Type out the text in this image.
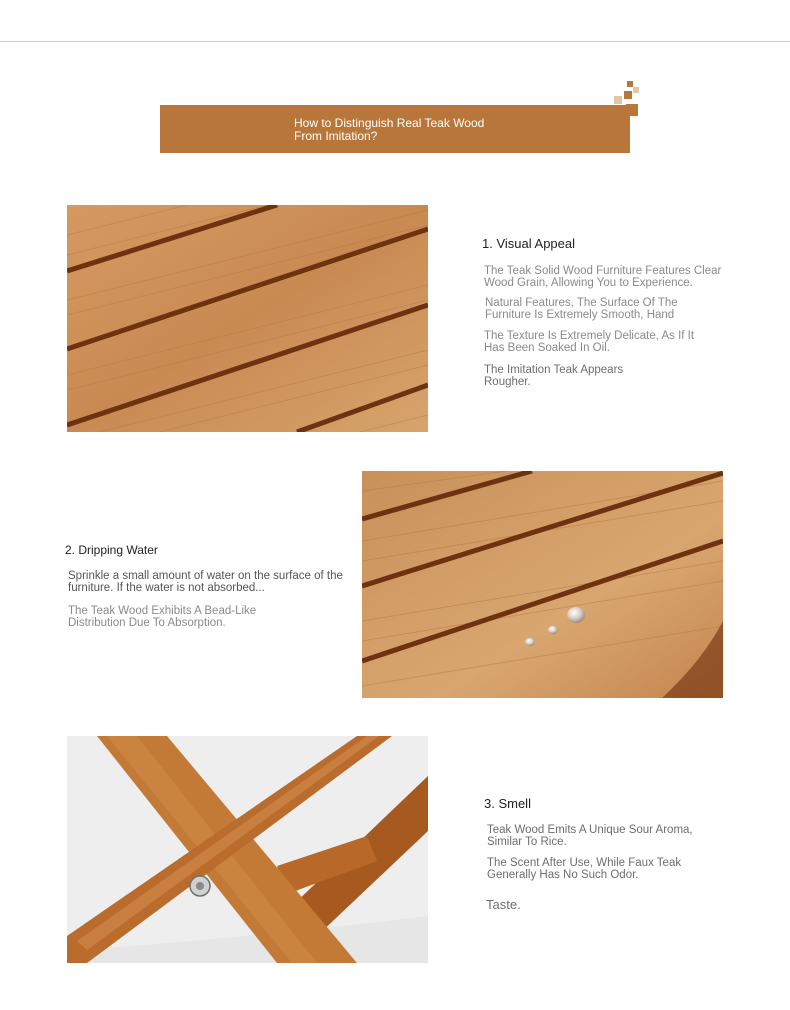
How to Distinguish Real Teak Wood
From Imitation?
1. Visual Appeal
The Teak Solid Wood Furniture Features Clear Wood Grain, Allowing You to Experience.
Natural Features, The Surface Of The Furniture Is Extremely Smooth, Hand
The Texture Is Extremely Delicate, As If It Has Been Soaked In Oil.
The Imitation Teak Appears Rougher.
2. Dripping Water
Sprinkle a small amount of water on the surface of the furniture. If the water is not absorbed...
The Teak Wood Exhibits A Bead-Like Distribution Due To Absorption.
3. Smell
Teak Wood Emits A Unique Sour Aroma, Similar To Rice.
The Scent After Use, While Faux Teak Generally Has No Such Odor.
Taste.
